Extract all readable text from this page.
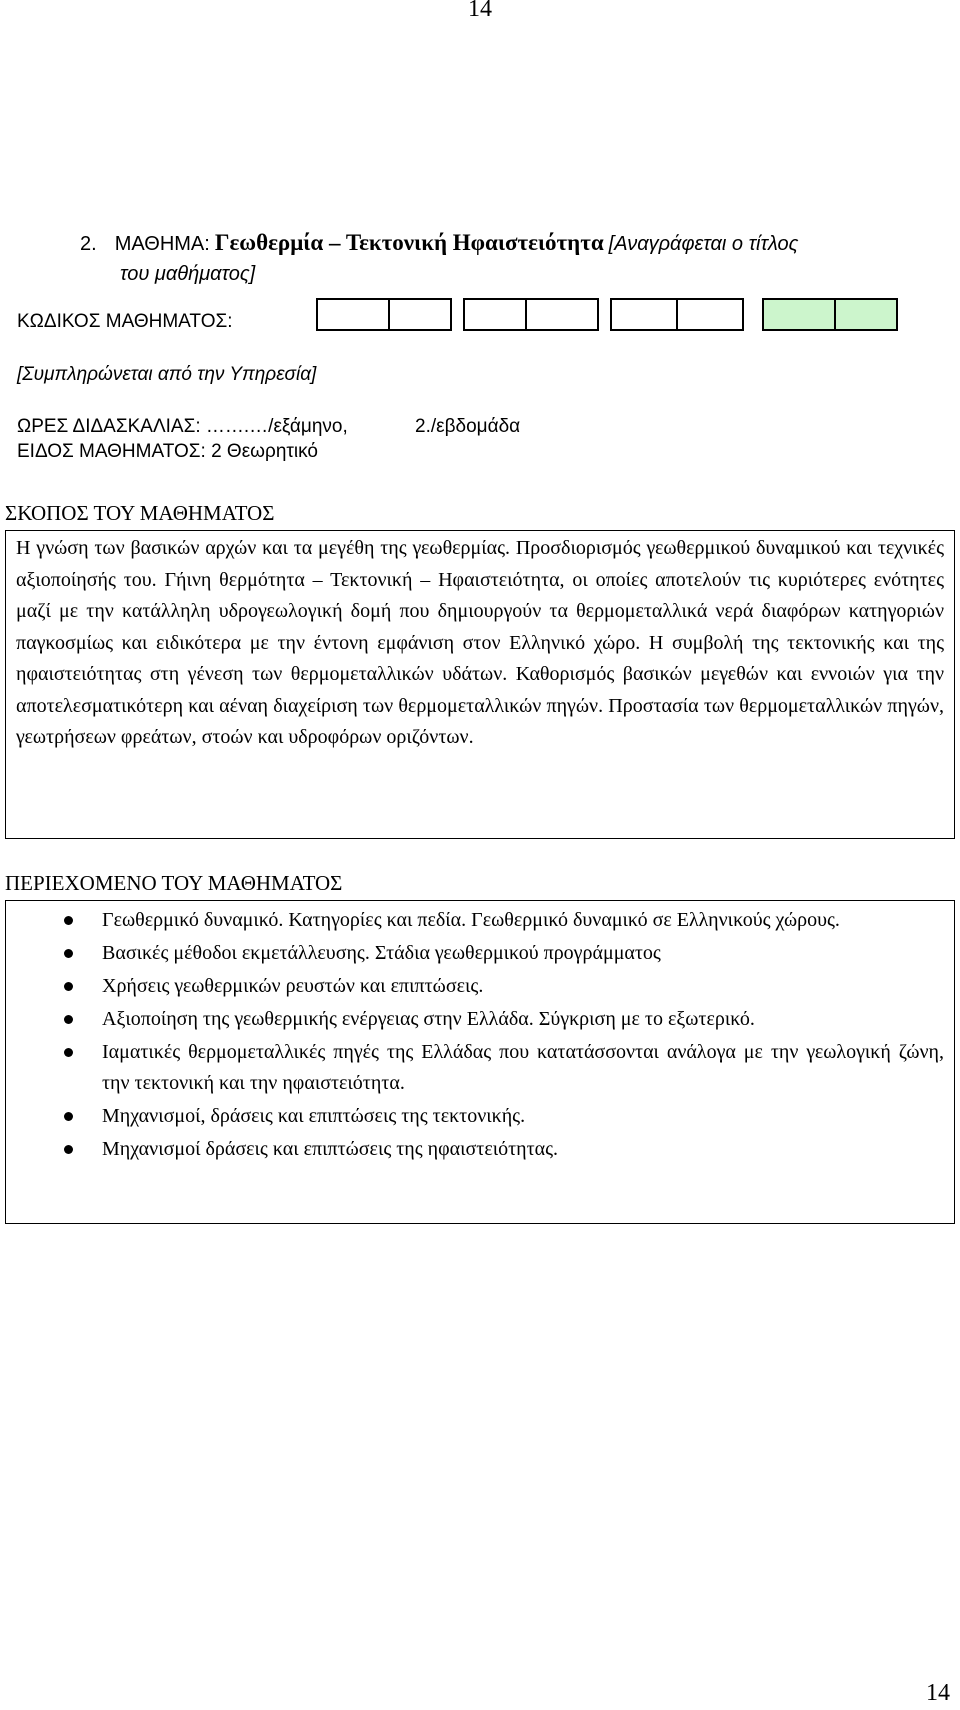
14
2. ΜΑΘΗΜΑ: Γεωθερμία – Τεκτονική Ηφαιστειότητα [Αναγράφεται ο τίτλος
του μαθήματος]
ΚΩΔΙΚΟΣ ΜΑΘΗΜΑΤΟΣ:
[Συμπληρώνεται από την Υπηρεσία]
ΩΡΕΣ ΔΙΔΑΣΚΑΛΙΑΣ: …….…/εξάμηνο,	2./εβδομάδα
ΕΙΔΟΣ ΜΑΘΗΜΑΤΟΣ: 2 Θεωρητικό
ΣΚΟΠΟΣ ΤΟΥ ΜΑΘΗΜΑΤΟΣ

Η γνώση των βασικών αρχών και τα μεγέθη της γεωθερμίας. Προσδιορισμός γεωθερμικού δυναμικού και τεχνικές αξιοποίησής του. Γήινη θερμότητα – Τεκτονική – Ηφαιστειότητα, οι οποίες αποτελούν τις κυριότερες ενότητες μαζί με την κατάλληλη υδρογεωλογική δομή που δημιουργούν τα θερμομεταλλικά νερά διαφόρων κατηγοριών παγκοσμίως και ειδικότερα με την έντονη εμφάνιση στον Ελληνικό χώρο. Η συμβολή της τεκτονικής και της ηφαιστειότητας στη γένεση των θερμομεταλλικών υδάτων. Καθορισμός βασικών μεγεθών και εννοιών για την αποτελεσματικότερη και αέναη διαχείριση των θερμομεταλλικών πηγών. Προστασία των θερμομεταλλικών πηγών, γεωτρήσεων φρεάτων, στοών και υδροφόρων οριζόντων.

ΠΕΡΙΕΧΟΜΕΝΟ ΤΟΥ ΜΑΘΗΜΑΤΟΣ
Γεωθερμικό δυναμικό. Κατηγορίες και πεδία. Γεωθερμικό δυναμικό σε Ελληνικούς χώρους.
Βασικές μέθοδοι εκμετάλλευσης. Στάδια γεωθερμικού προγράμματος
Χρήσεις γεωθερμικών ρευστών και επιπτώσεις.
Αξιοποίηση της γεωθερμικής ενέργειας στην Ελλάδα. Σύγκριση με το εξωτερικό.
Ιαματικές θερμομεταλλικές πηγές της Ελλάδας που κατατάσσονται ανάλογα με την γεωλογική ζώνη, την τεκτονική και την ηφαιστειότητα.
Μηχανισμοί, δράσεις και επιπτώσεις της τεκτονικής.
Μηχανισμοί δράσεις και επιπτώσεις της ηφαιστειότητας.
14
